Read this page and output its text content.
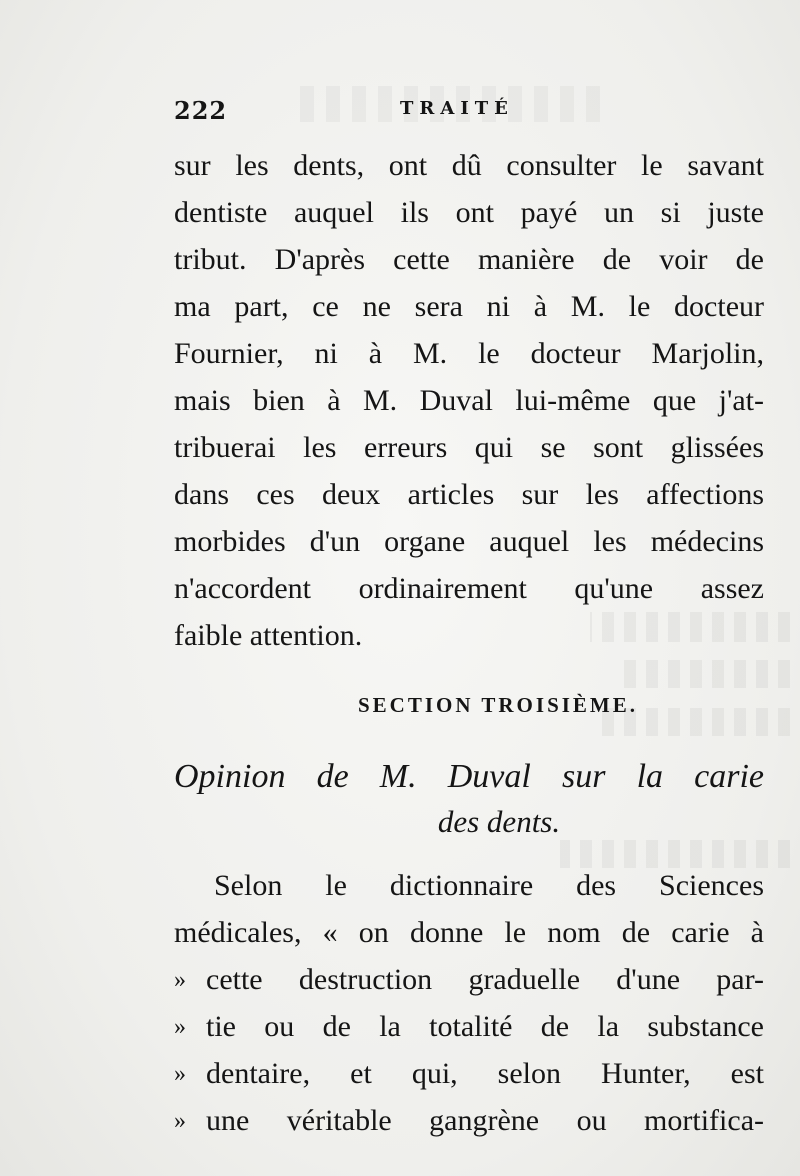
222	TRAITÉ
sur les dents, ont dû consulter le savant
dentiste auquel ils ont payé un si juste
tribut. D'après cette manière de voir de
ma part, ce ne sera ni à M. le docteur
Fournier, ni à M. le docteur Marjolin,
mais bien à M. Duval lui-même que j'at-
tribuerai les erreurs qui se sont glissées
dans ces deux articles sur les affections
morbides d'un organe auquel les médecins
n'accordent ordinairement qu'une assez
faible attention.
SECTION TROISIÈME.
Opinion de M. Duval sur la carie
des dents.
Selon le dictionnaire des Sciences
médicales, « on donne le nom de carie à
» cette destruction graduelle d'une par-
» tie ou de la totalité de la substance
» dentaire, et qui, selon Hunter, est
» une véritable gangrène ou mortifica-
